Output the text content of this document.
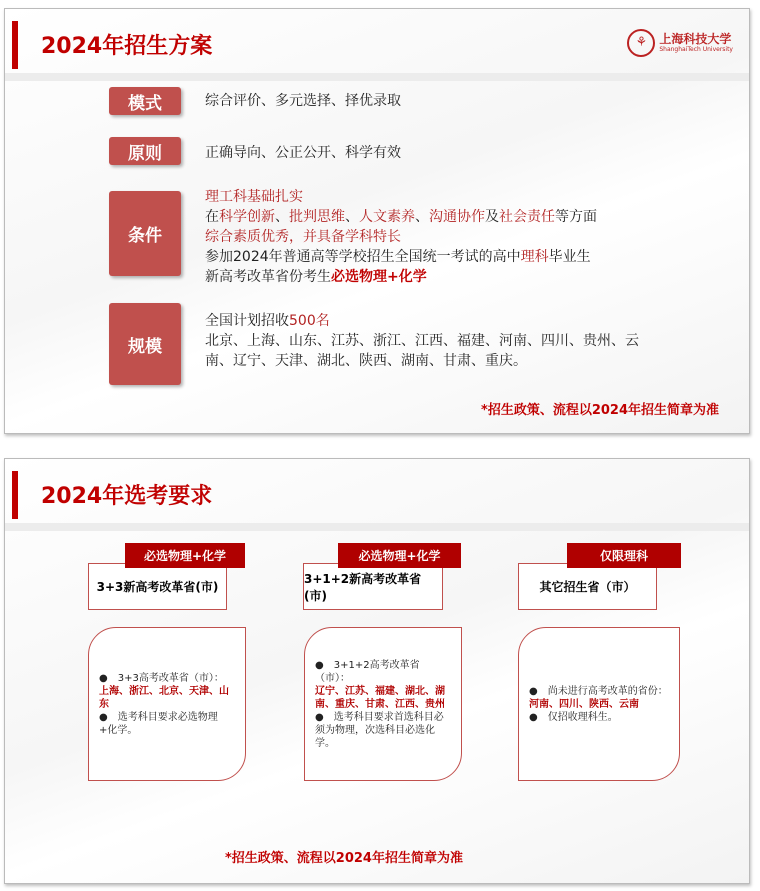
2024年招生方案	⚘	上海科技大学
ShanghaiTech University
模式
原则
条件
规模
综合评价、多元选择、择优录取
正确导向、公正公开、科学有效
理工科基础扎实
在科学创新、批判思维、人文素养、沟通协作及社会责任等方面
综合素质优秀，并具备学科特长
参加2024年普通高等学校招生全国统一考试的高中理科毕业生
新高考改革省份考生必选物理+化学
全国计划招收500名
北京、上海、山东、江苏、浙江、江西、福建、河南、四川、贵州、云
南、辽宁、天津、湖北、陕西、湖南、甘肃、重庆。
*招生政策、流程以2024年招生简章为准
2024年选考要求
3+3新高考改革省(市)
必选物理+化学
●　3+3高考改革省（市）：
上海、浙江、北京、天津、山东
●　选考科目要求必选物理+化学。
3+1+2新高考改革省(市)
必选物理+化学
●　3+1+2高考改革省（市）：
辽宁、江苏、福建、湖北、湖南、重庆、甘肃、江西、贵州
●　选考科目要求首选科目必须为物理，次选科目必选化学。
其它招生省（市）
仅限理科
●　尚未进行高考改革的省份：
河南、四川、陕西、云南
●　仅招收理科生。
*招生政策、流程以2024年招生简章为准
